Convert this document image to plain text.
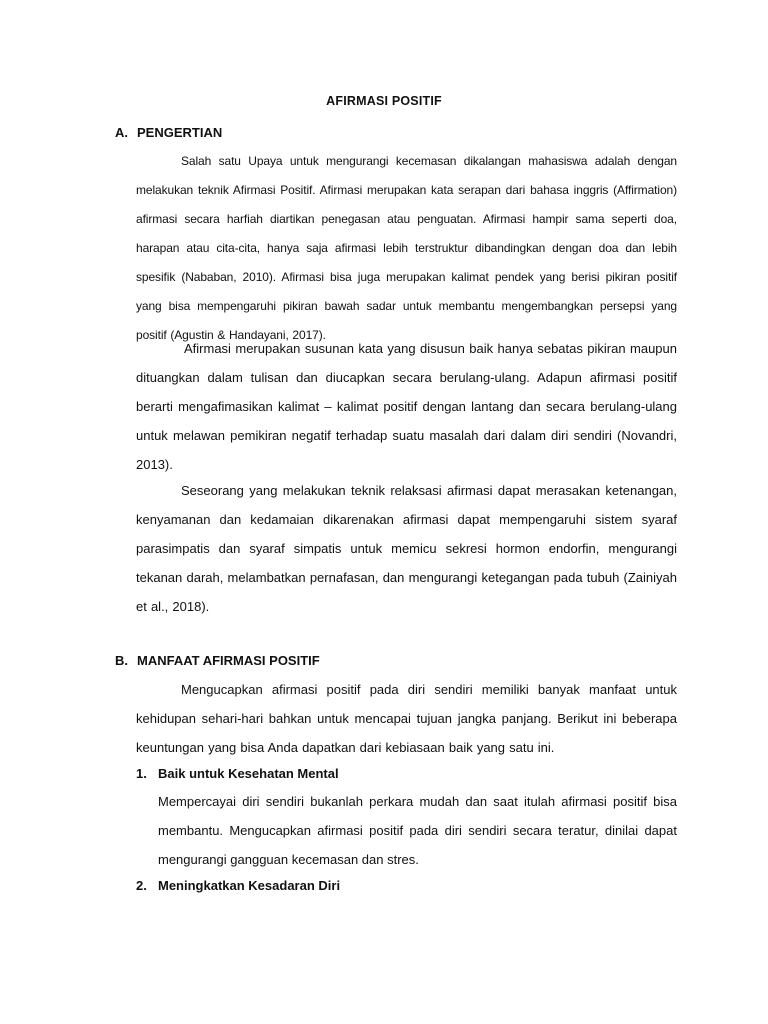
AFIRMASI POSITIF
A. PENGERTIAN
Salah satu Upaya untuk mengurangi kecemasan dikalangan mahasiswa adalah dengan melakukan teknik Afirmasi Positif. Afirmasi merupakan kata serapan dari bahasa inggris (Affirmation) afirmasi secara harfiah diartikan penegasan atau penguatan. Afirmasi hampir sama seperti doa, harapan atau cita-cita, hanya saja afirmasi lebih terstruktur dibandingkan dengan doa dan lebih spesifik (Nababan, 2010). Afirmasi bisa juga merupakan kalimat pendek yang berisi pikiran positif yang bisa mempengaruhi pikiran bawah sadar untuk membantu mengembangkan persepsi yang positif (Agustin & Handayani, 2017).
Afirmasi merupakan susunan kata yang disusun baik hanya sebatas pikiran maupun dituangkan dalam tulisan dan diucapkan secara berulang-ulang. Adapun afirmasi positif berarti mengafimasikan kalimat – kalimat positif dengan lantang dan secara berulang-ulang untuk melawan pemikiran negatif terhadap suatu masalah dari dalam diri sendiri (Novandri, 2013).
Seseorang yang melakukan teknik relaksasi afirmasi dapat merasakan ketenangan, kenyamanan dan kedamaian dikarenakan afirmasi dapat mempengaruhi sistem syaraf parasimpatis dan syaraf simpatis untuk memicu sekresi hormon endorfin, mengurangi tekanan darah, melambatkan pernafasan, dan mengurangi ketegangan pada tubuh (Zainiyah et al., 2018).
B. MANFAAT AFIRMASI POSITIF
Mengucapkan afirmasi positif pada diri sendiri memiliki banyak manfaat untuk kehidupan sehari-hari bahkan untuk mencapai tujuan jangka panjang. Berikut ini beberapa keuntungan yang bisa Anda dapatkan dari kebiasaan baik yang satu ini.
1. Baik untuk Kesehatan Mental
Mempercayai diri sendiri bukanlah perkara mudah dan saat itulah afirmasi positif bisa membantu. Mengucapkan afirmasi positif pada diri sendiri secara teratur, dinilai dapat mengurangi gangguan kecemasan dan stres.
2. Meningkatkan Kesadaran Diri
